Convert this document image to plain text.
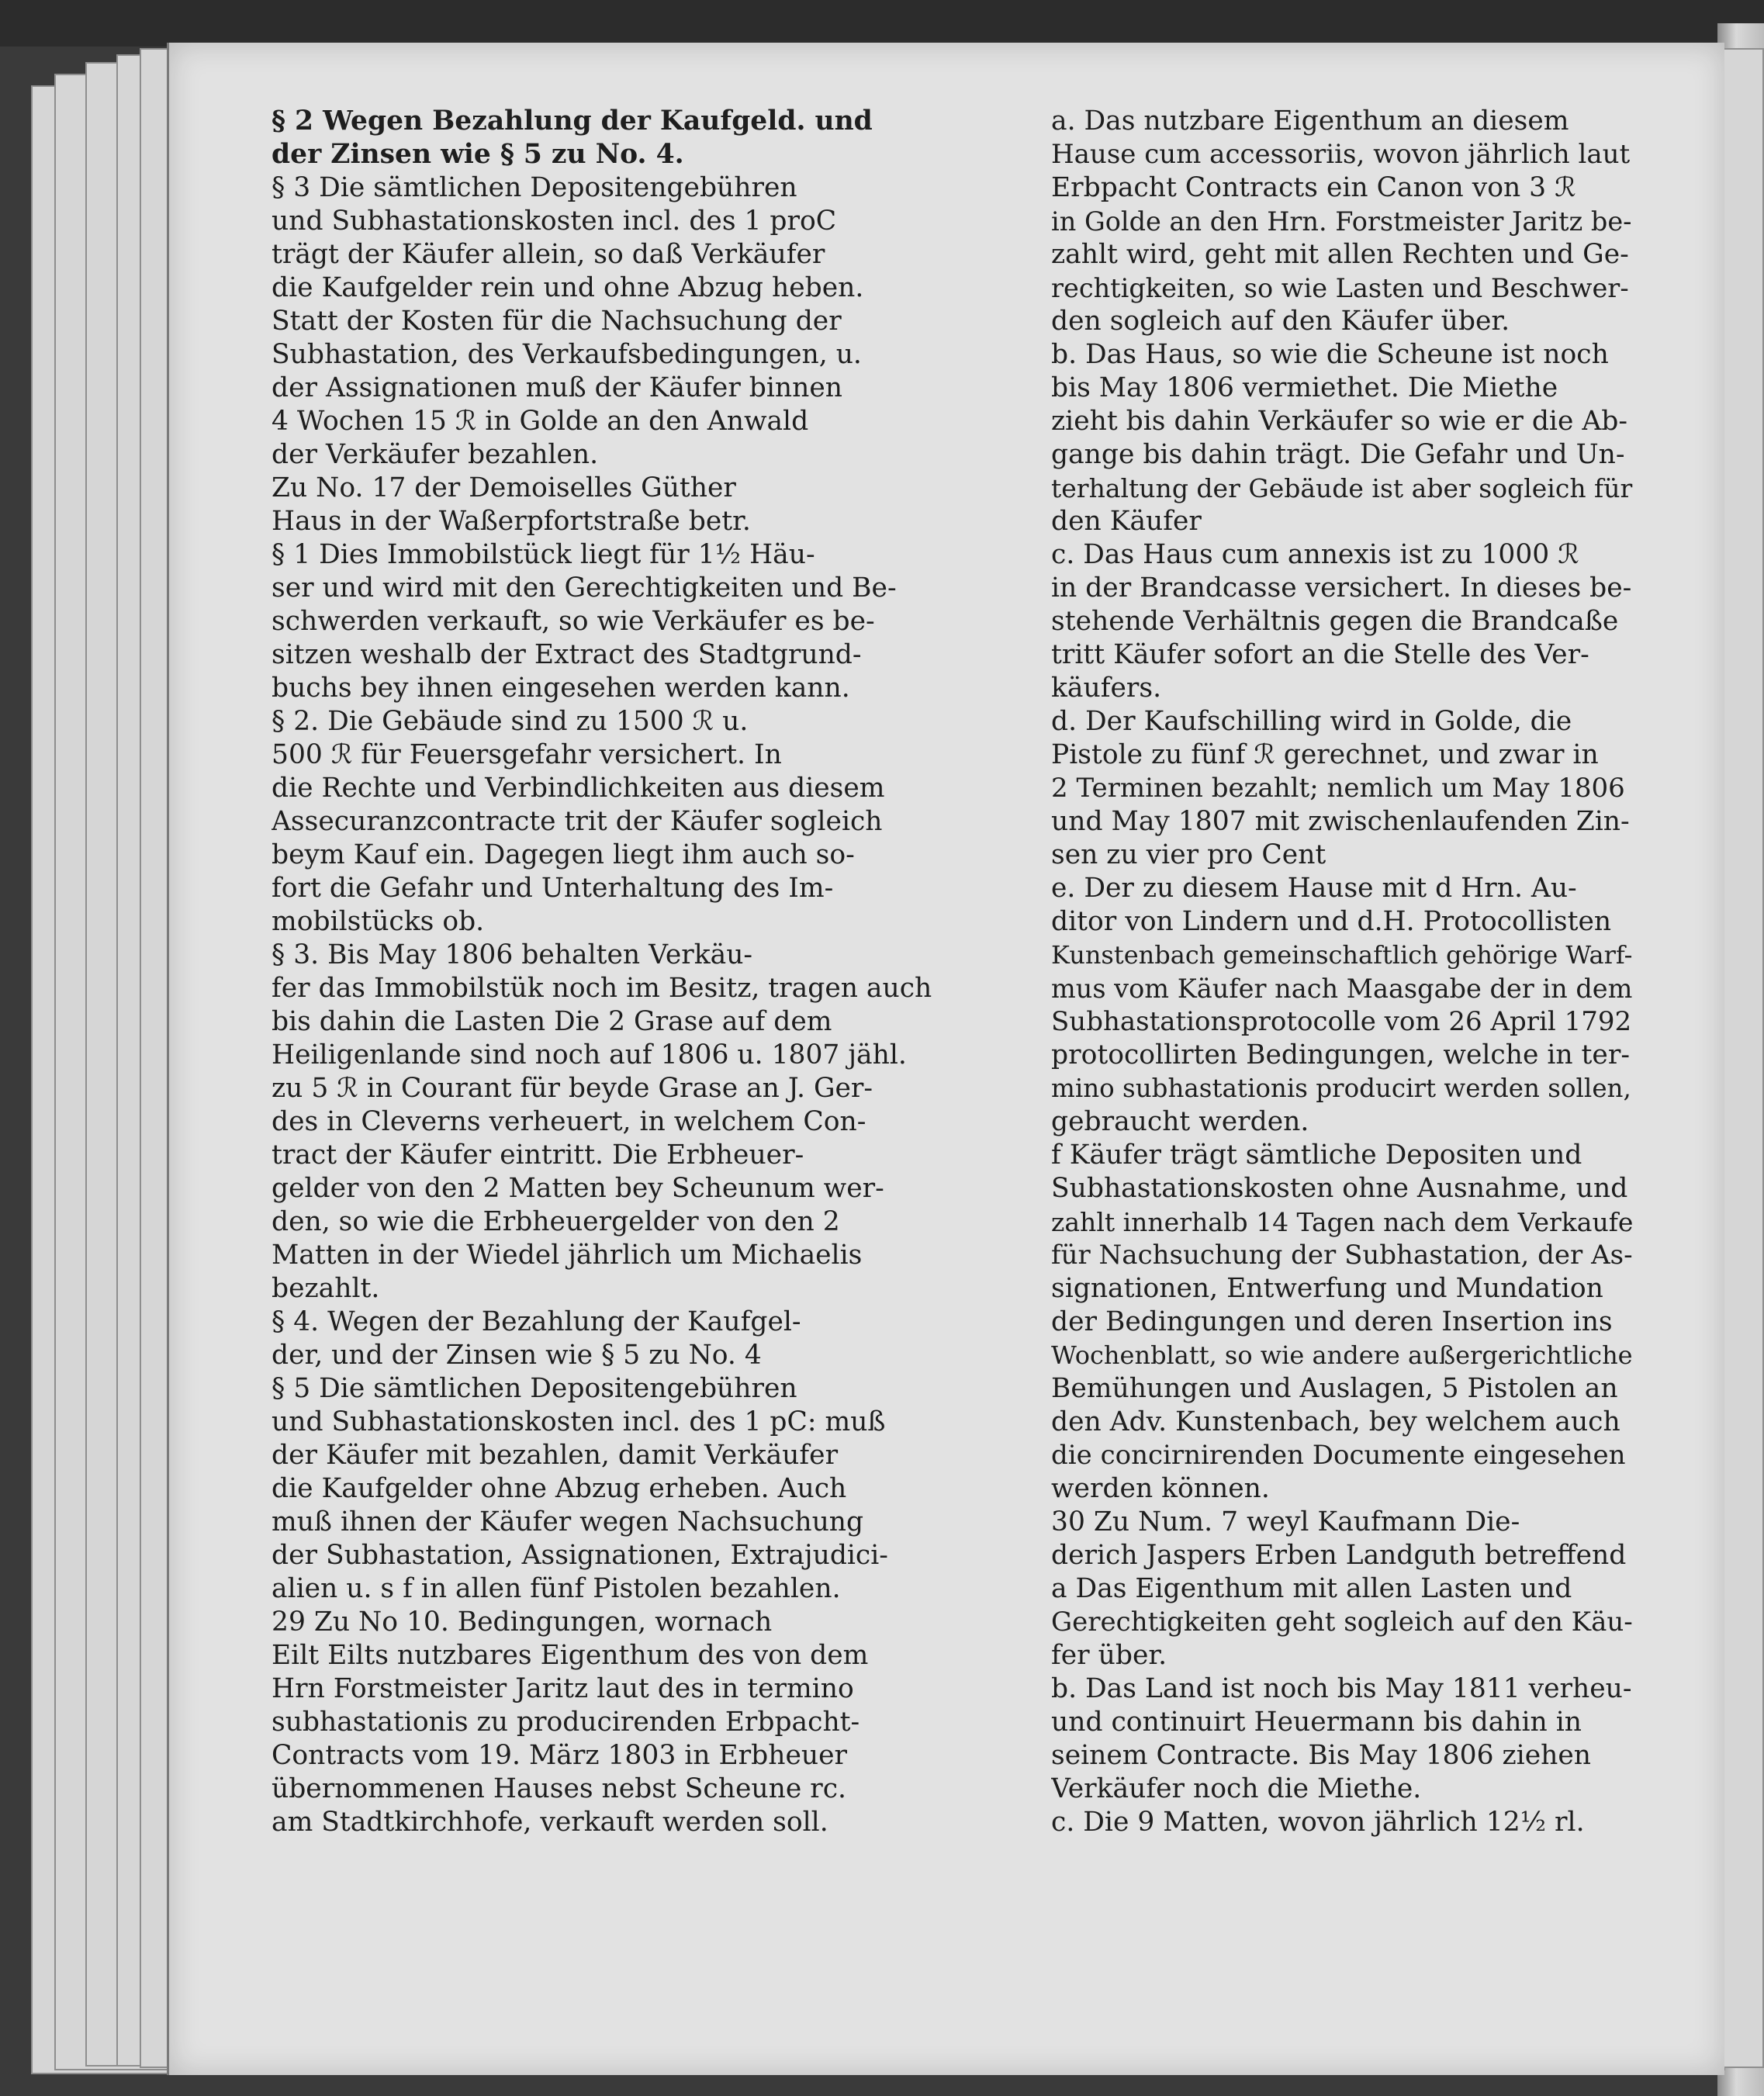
§ 2 Wegen Bezahlung der Kaufgeld. und
der Zinsen wie § 5 zu No. 4.
§ 3 Die sämtlichen Depositengebühren
und Subhastationskosten incl. des 1 proC
trägt der Käufer allein, so daß Verkäufer
die Kaufgelder rein und ohne Abzug heben.
Statt der Kosten für die Nachsuchung der
Subhastation, des Verkaufsbedingungen, u.
der Assignationen muß der Käufer binnen
4 Wochen 15 ℛ in Golde an den Anwald
der Verkäufer bezahlen.
Zu No. 17 der Demoiselles Güther
Haus in der Waßerpfortstraße betr.
§ 1 Dies Immobilstück liegt für 1½ Häu-
ser und wird mit den Gerechtigkeiten und Be-
schwerden verkauft, so wie Verkäufer es be-
sitzen weshalb der Extract des Stadtgrund-
buchs bey ihnen eingesehen werden kann.
§ 2. Die Gebäude sind zu 1500 ℛ u.
500 ℛ für Feuersgefahr versichert. In
die Rechte und Verbindlichkeiten aus diesem
Assecuranzcontracte trit der Käufer sogleich
beym Kauf ein. Dagegen liegt ihm auch so-
fort die Gefahr und Unterhaltung des Im-
mobilstücks ob.
§ 3. Bis May 1806 behalten Verkäu-
fer das Immobilstük noch im Besitz, tragen auch
bis dahin die Lasten Die 2 Grase auf dem
Heiligenlande sind noch auf 1806 u. 1807 jähl.
zu 5 ℛ in Courant für beyde Grase an J. Ger-
des in Cleverns verheuert, in welchem Con-
tract der Käufer eintritt. Die Erbheuer-
gelder von den 2 Matten bey Scheunum wer-
den, so wie die Erbheuergelder von den 2
Matten in der Wiedel jährlich um Michaelis
bezahlt.
§ 4. Wegen der Bezahlung der Kaufgel-
der, und der Zinsen wie § 5 zu No. 4
§ 5 Die sämtlichen Depositengebühren
und Subhastationskosten incl. des 1 pC: muß
der Käufer mit bezahlen, damit Verkäufer
die Kaufgelder ohne Abzug erheben. Auch
muß ihnen der Käufer wegen Nachsuchung
der Subhastation, Assignationen, Extrajudici-
alien u. s f in allen fünf Pistolen bezahlen.
29 Zu No 10. Bedingungen, wornach
Eilt Eilts nutzbares Eigenthum des von dem
Hrn Forstmeister Jaritz laut des in termino
subhastationis zu producirenden Erbpacht-
Contracts vom 19. März 1803 in Erbheuer
übernommenen Hauses nebst Scheune rc.
am Stadtkirchhofe, verkauft werden soll.
a. Das nutzbare Eigenthum an diesem
Hause cum accessoriis, wovon jährlich laut
Erbpacht Contracts ein Canon von 3 ℛ
in Golde an den Hrn. Forstmeister Jaritz be-
zahlt wird, geht mit allen Rechten und Ge-
rechtigkeiten, so wie Lasten und Beschwer-
den sogleich auf den Käufer über.
b. Das Haus, so wie die Scheune ist noch
bis May 1806 vermiethet. Die Miethe
zieht bis dahin Verkäufer so wie er die Ab-
gange bis dahin trägt. Die Gefahr und Un-
terhaltung der Gebäude ist aber sogleich für
den Käufer
c. Das Haus cum annexis ist zu 1000 ℛ
in der Brandcasse versichert. In dieses be-
stehende Verhältnis gegen die Brandcaße
tritt Käufer sofort an die Stelle des Ver-
käufers.
d. Der Kaufschilling wird in Golde, die
Pistole zu fünf ℛ gerechnet, und zwar in
2 Terminen bezahlt; nemlich um May 1806
und May 1807 mit zwischenlaufenden Zin-
sen zu vier pro Cent
e. Der zu diesem Hause mit d Hrn. Au-
ditor von Lindern und d.H. Protocollisten
Kunstenbach gemeinschaftlich gehörige Warf-
mus vom Käufer nach Maasgabe der in dem
Subhastationsprotocolle vom 26 April 1792
protocollirten Bedingungen, welche in ter-
mino subhastationis producirt werden sollen,
gebraucht werden.
f Käufer trägt sämtliche Depositen und
Subhastationskosten ohne Ausnahme, und
zahlt innerhalb 14 Tagen nach dem Verkaufe
für Nachsuchung der Subhastation, der As-
signationen, Entwerfung und Mundation
der Bedingungen und deren Insertion ins
Wochenblatt, so wie andere außergerichtliche
Bemühungen und Auslagen, 5 Pistolen an
den Adv. Kunstenbach, bey welchem auch
die concirnirenden Documente eingesehen
werden können.
30 Zu Num. 7 weyl Kaufmann Die-
derich Jaspers Erben Landguth betreffend
a Das Eigenthum mit allen Lasten und
Gerechtigkeiten geht sogleich auf den Käu-
fer über.
b. Das Land ist noch bis May 1811 verheu-
und continuirt Heuermann bis dahin in
seinem Contracte. Bis May 1806 ziehen
Verkäufer noch die Miethe.
c. Die 9 Matten, wovon jährlich 12½ rl.
